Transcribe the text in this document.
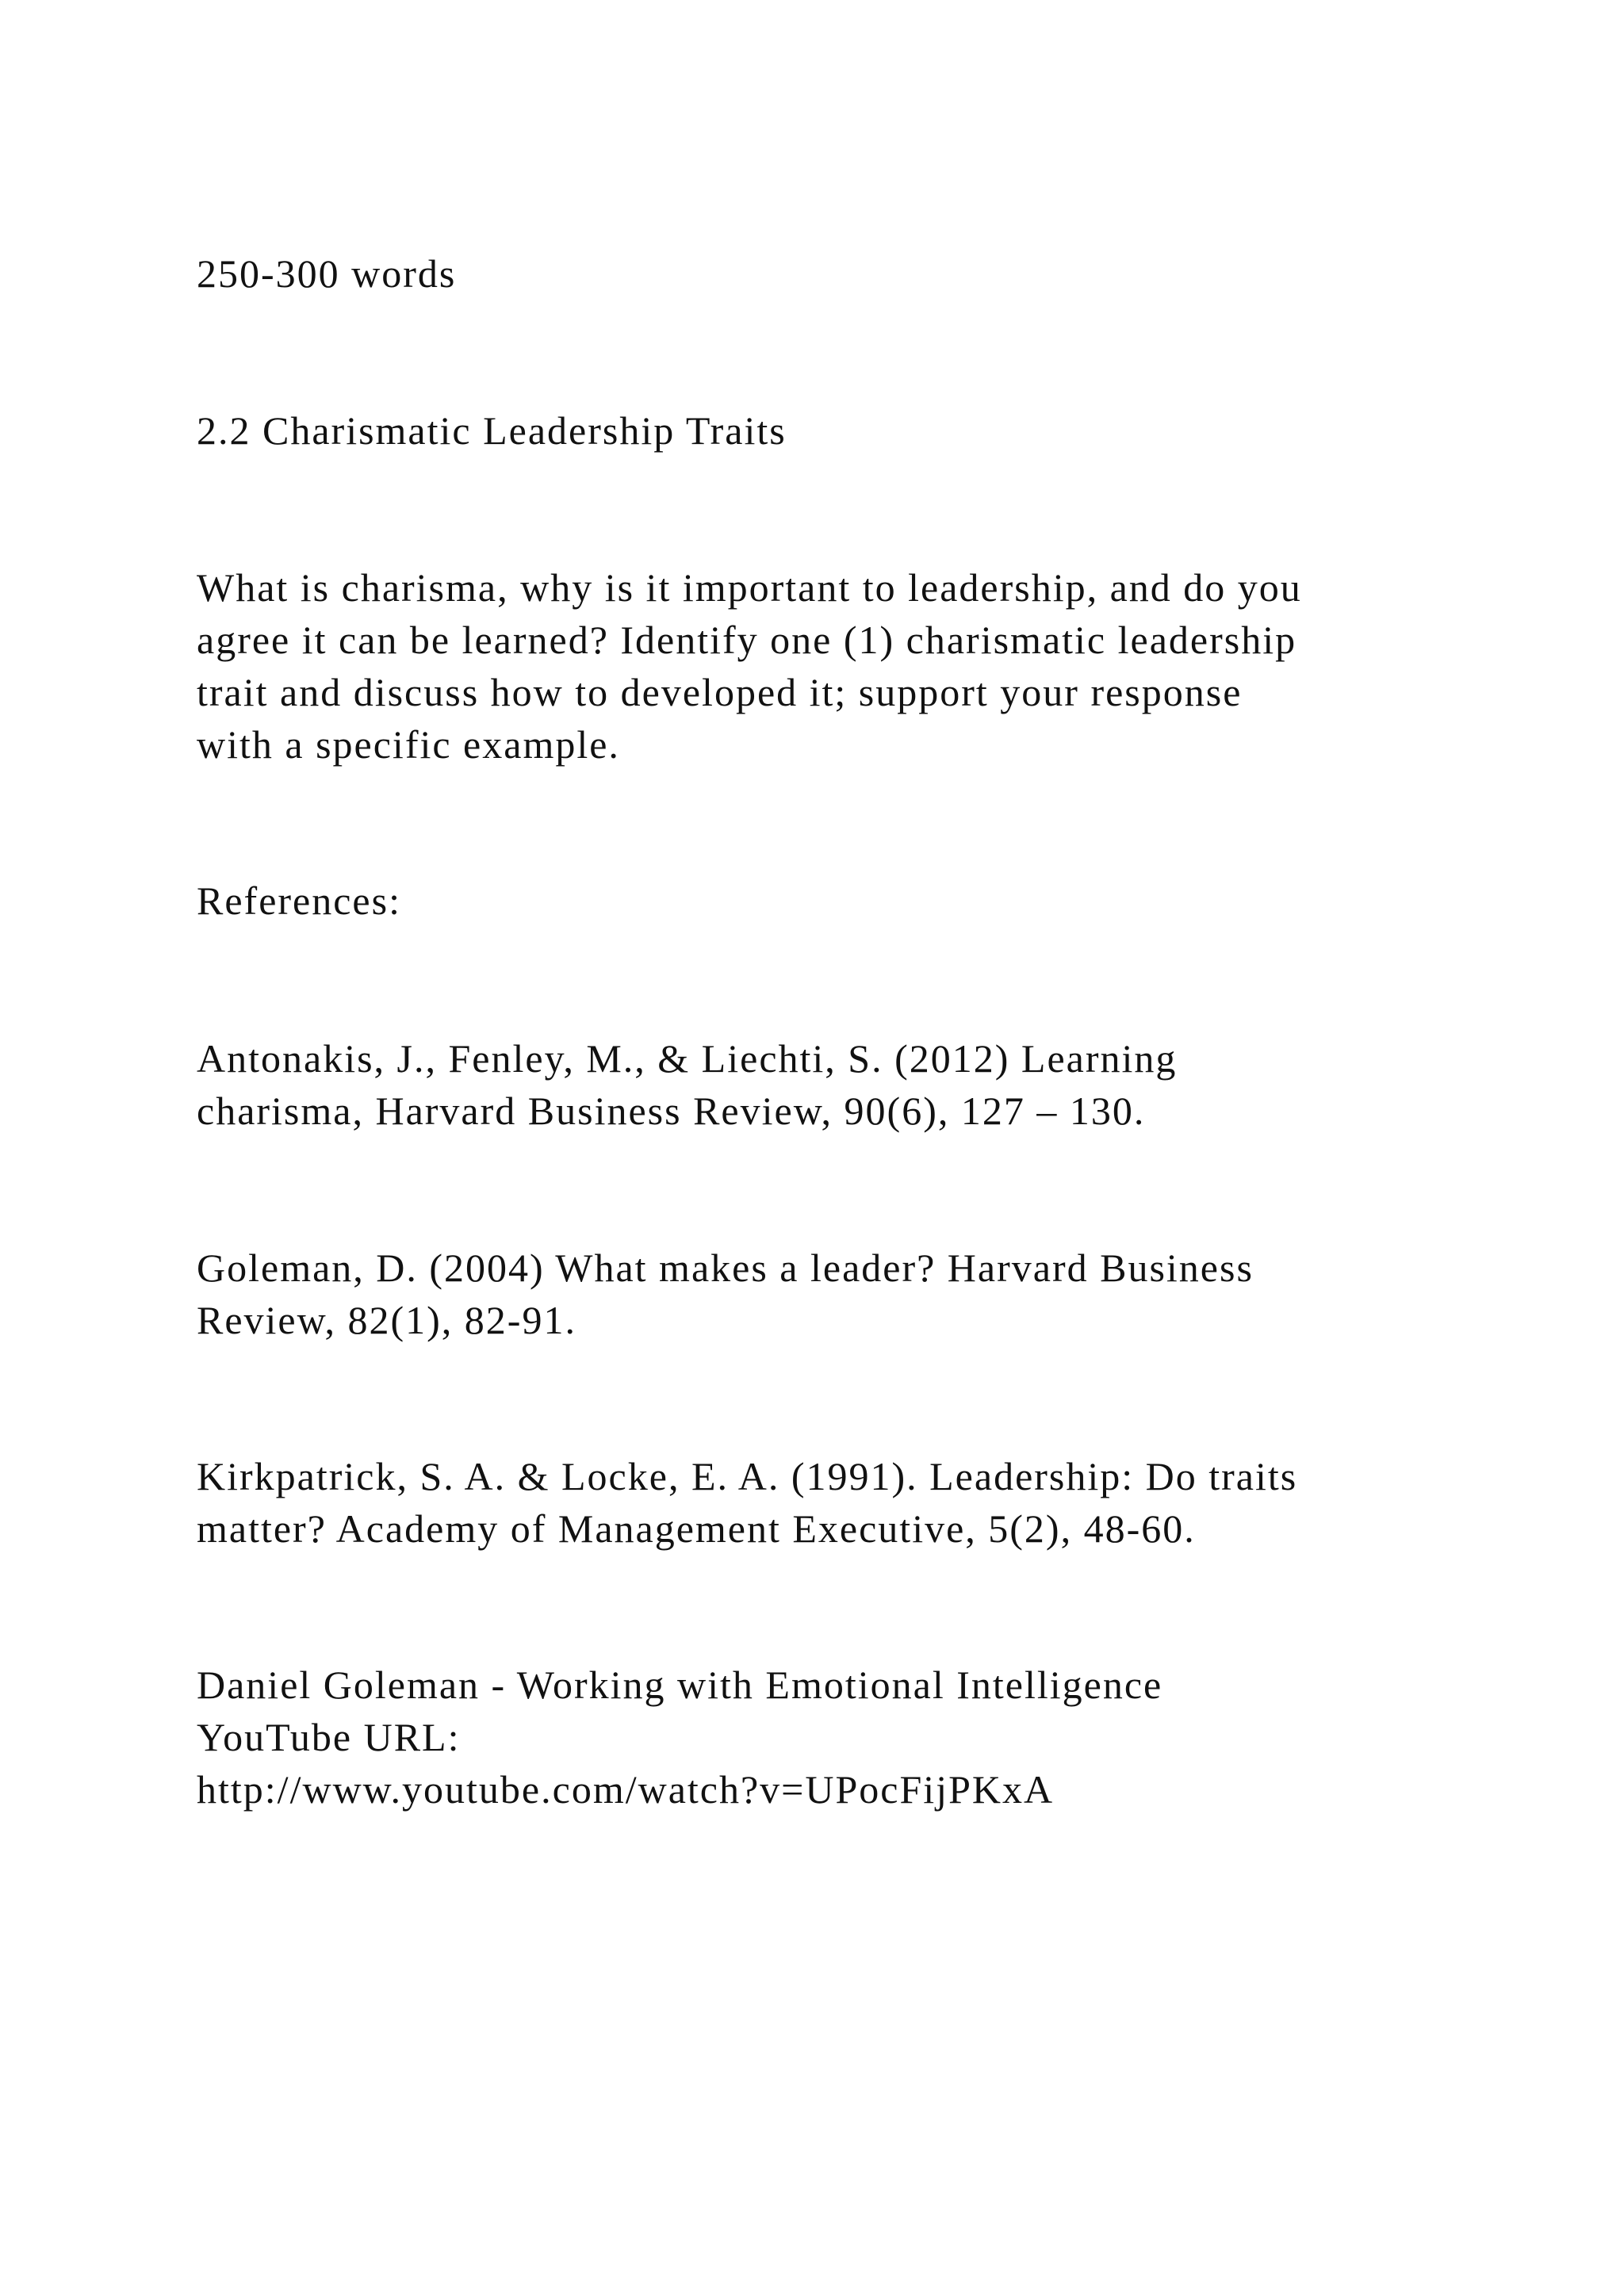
250-300 words

2.2 Charismatic Leadership Traits

What is charisma, why is it important to leadership, and do you
agree it can be learned? Identify one (1) charismatic leadership
trait and discuss how to developed it; support your response
with a specific example.

References:

Antonakis, J., Fenley, M., & Liechti, S. (2012) Learning
charisma, Harvard Business Review, 90(6), 127 – 130.

Goleman, D. (2004) What makes a leader? Harvard Business
Review, 82(1), 82-91.

Kirkpatrick, S. A. & Locke, E. A. (1991). Leadership: Do traits
matter? Academy of Management Executive, 5(2), 48-60.

Daniel Goleman - Working with Emotional Intelligence
YouTube URL:
http://www.youtube.com/watch?v=UPocFijPKxA
